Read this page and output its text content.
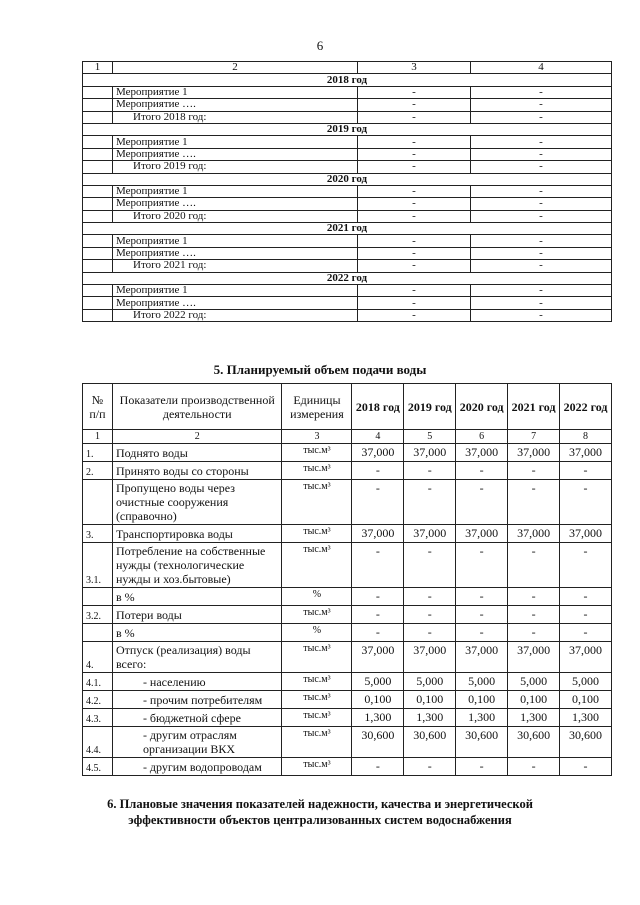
6
1	2	3	4
2018 год			
	Мероприятие 1	-	-
	Мероприятие ….	-	-
	Итого 2018 год:	-	-
2019 год			
	Мероприятие 1	-	-
	Мероприятие ….	-	-
	Итого 2019 год:	-	-
2020 год			
	Мероприятие 1	-	-
	Мероприятие ….	-	-
	Итого 2020 год:	-	-
2021 год			
	Мероприятие 1	-	-
	Мероприятие ….	-	-
	Итого 2021 год:	-	-
2022 год			
	Мероприятие 1	-	-
	Мероприятие ….	-	-
	Итого 2022 год:	-	-
5. Планируемый объем подачи воды
№ п/п	Показатели производственной деятельности	Единицы измерения	2018 год	2019 год	2020 год	2021 год	2022 год
1	2	3	4	5	6	7	8
1.	Поднято воды	тыс.м³	37,000	37,000	37,000	37,000	37,000
2.	Принято воды со стороны	тыс.м³	-	-	-	-	-
	Пропущено воды через очистные сооружения (справочно)	тыс.м³	-	-	-	-	-
3.	Транспортировка воды	тыс.м³	37,000	37,000	37,000	37,000	37,000
3.1.	Потребление на собственные нужды (технологические нужды и хоз.бытовые)	тыс.м³	-	-	-	-	-
	в %	%	-	-	-	-	-
3.2.	Потери воды	тыс.м³	-	-	-	-	-
	в %	%	-	-	-	-	-
4.	Отпуск (реализация) воды всего:	тыс.м³	37,000	37,000	37,000	37,000	37,000
4.1.	- населению	тыс.м³	5,000	5,000	5,000	5,000	5,000
4.2.	- прочим потребителям	тыс.м³	0,100	0,100	0,100	0,100	0,100
4.3.	- бюджетной сфере	тыс.м³	1,300	1,300	1,300	1,300	1,300
4.4.	- другим отраслям организации ВКХ	тыс.м³	30,600	30,600	30,600	30,600	30,600
4.5.	- другим водопроводам	тыс.м³	-	-	-	-	-
6. Плановые значения показателей надежности, качества и энергетической
эффективности объектов централизованных систем водоснабжения
